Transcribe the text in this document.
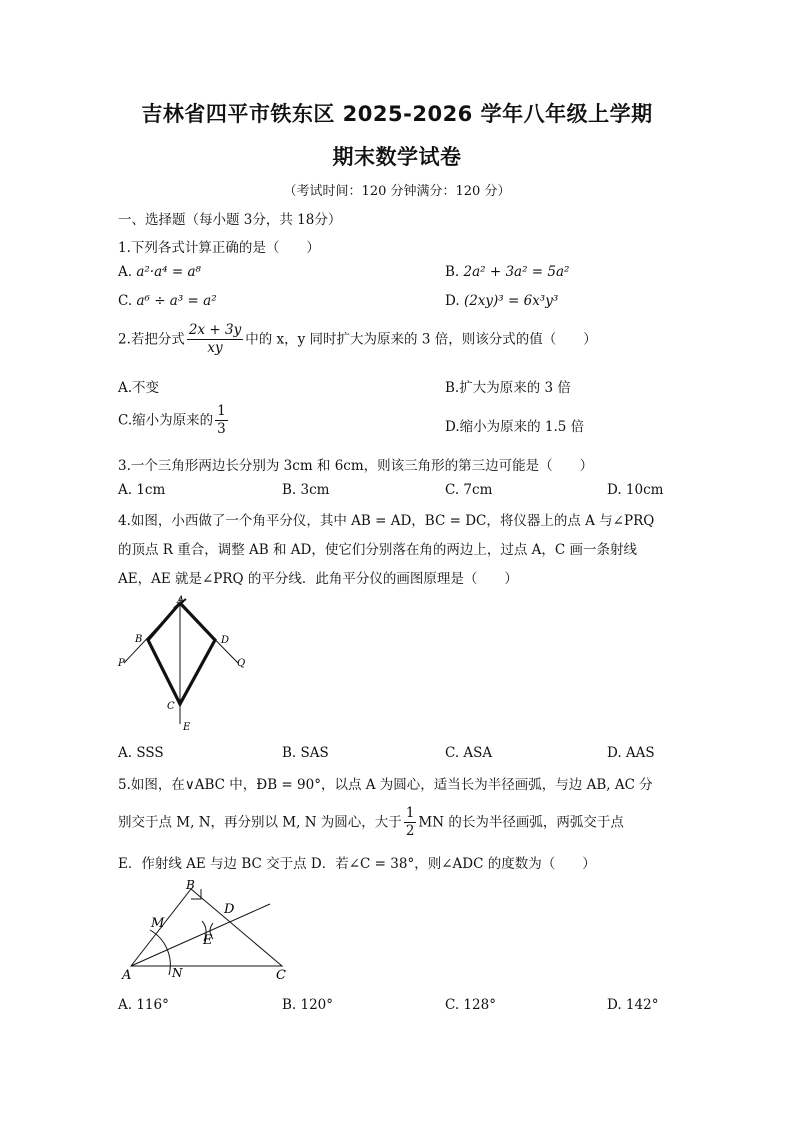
吉林省四平市铁东区 2025-2026 学年八年级上学期
期末数学试卷
（考试时间：120 分钟满分：120 分）
一、选择题（每小题 3分，共 18分）
1.下列各式计算正确的是（　　）
A. a²·a⁴ = a⁸	B. 2a² + 3a² = 5a²
C. a⁶ ÷ a³ = a²	D. (2xy)³ = 6x³y³
2.若把分式 $\frac{2x + 3y}{xy}$ 中的 x，y 同时扩大为原来的 3 倍，则该分式的值（　　）
A.不变	B.扩大为原来的 3 倍
C.缩小为原来的 $\frac{1}{3}$	D.缩小为原来的 1.5 倍
3.一个三角形两边长分别为 3cm 和 6cm，则该三角形的第三边可能是（　　）
A. 1cm	B. 3cm	C. 7cm	D. 10cm
4.如图，小西做了一个角平分仪，其中 AB = AD，BC = DC，将仪器上的点 A 与∠PRQ
的顶点 R 重合，调整 AB 和 AD，使它们分别落在角的两边上，过点 A，C 画一条射线
AE，AE 就是∠PRQ 的平分线．此角平分仪的画图原理是（　　）
A
B	D
C
E
P	Q
A. SSS	B. SAS	C. ASA	D. AAS
5.如图，在∨ABC 中，ÐB = 90°，以点 A 为圆心，适当长为半径画弧，与边 AB, AC 分
别交于点 M, N，再分别以 M, N 为圆心，大于 $\frac{1}{2}$ MN 的长为半径画弧，两弧交于点
E．作射线 AE 与边 BC 交于点 D．若∠C = 38°，则∠ADC 的度数为（　　）
A
B
C
D
E
M
N
A. 116°	B. 120°	C. 128°	D. 142°
